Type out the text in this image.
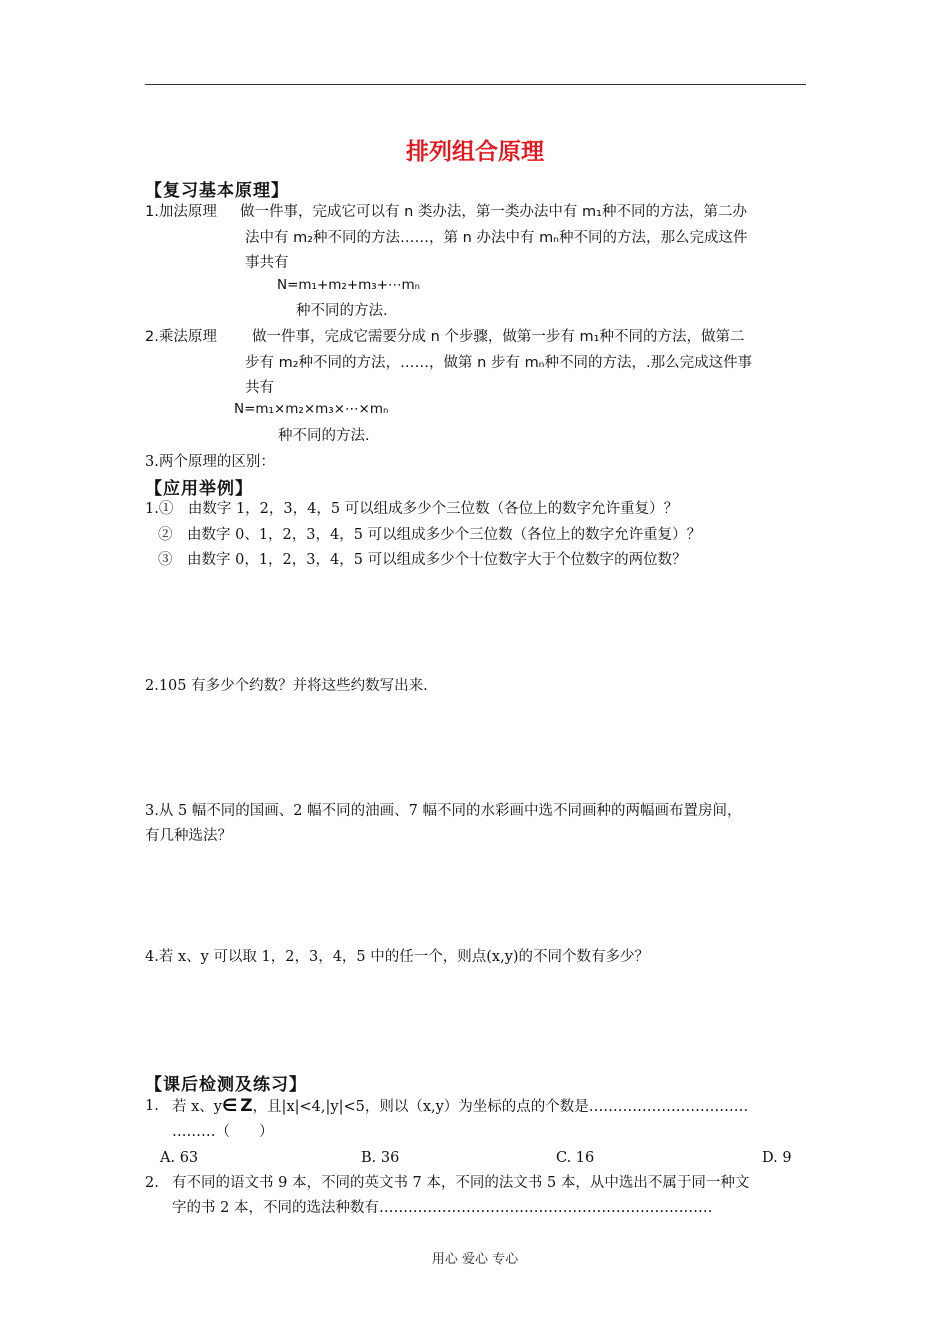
排列组合原理
【复习基本原理】
1.加法原理 做一件事，完成它可以有 n 类办法，第一类办法中有 m₁种不同的方法，第二办
法中有 m₂种不同的方法……，第 n 办法中有 mₙ种不同的方法，那么完成这件
事共有
N=m₁+m₂+m₃+⋯mₙ
种不同的方法.
2.乘法原理 做一件事，完成它需要分成 n 个步骤，做第一步有 m₁种不同的方法，做第二
步有 m₂种不同的方法，……，做第 n 步有 mₙ种不同的方法，.那么完成这件事
共有
N=m₁×m₂×m₃×⋯×mₙ
种不同的方法.
3.两个原理的区别：
【应用举例】
1.①　由数字 1，2，3，4，5 可以组成多少个三位数（各位上的数字允许重复）？
②　由数字 0、1，2，3，4，5 可以组成多少个三位数（各位上的数字允许重复）？
③　由数字 0，1，2，3，4，5 可以组成多少个十位数字大于个位数字的两位数？
2.105 有多少个约数？并将这些约数写出来.
3.从 5 幅不同的国画、2 幅不同的油画、7 幅不同的水彩画中选不同画种的两幅画布置房间，
有几种选法？
4.若 x、y 可以取 1，2，3，4，5 中的任一个，则点(x,y)的不同个数有多少？
【课后检测及练习】
1. 若 x、y∈ Z，且|x|<4,|y|<5，则以（x,y）为坐标的点的个数是……………………………
………（　　）
A. 63	B. 36	C. 16	D. 9
2. 有不同的语文书 9 本，不同的英文书 7 本，不同的法文书 5 本，从中选出不属于同一种文
字的书 2 本，不同的选法种数有……………………………………………………………
用心 爱心 专心
